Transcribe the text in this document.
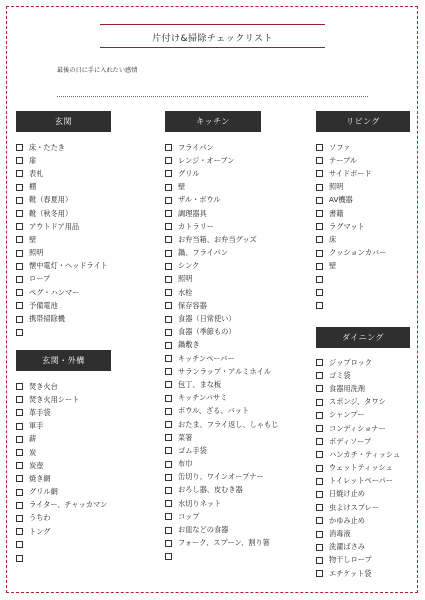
片付け&掃除チェックリスト
最後の日に手に入れたい感情
玄関
床・たたき
扉
表札
棚
靴（春夏用）
靴（秋冬用）
アウトドア用品
壁
照明
懐中電灯・ヘッドライト
ロープ
ペグ・ハンマー
予備電池
携帯掃除機
玄関・外構
焚き火台
焚き火用シート
革手袋
軍手
薪
炭
炭壺
焼き網
グリル網
ライター、チャッカマン
うちわ
トング
キッチン
フライパン
レンジ・オーブン
グリル
壁
ザル・ボウル
調理器具
カトラリー
お弁当箱、お弁当グッズ
鍋、フライパン
シンク
照明
水栓
保存容器
食器（日常使い）
食器（季節もの）
鍋敷き
キッチンペーパー
サランラップ・アルミホイル
包丁、まな板
キッチンバサミ
ボウル、ざる、バット
おたま、フライ返し、しゃもじ
菜箸
ゴム手袋
布巾
缶切り、ワインオープナー
おろし器、皮むき器
水切りネット
コップ
お皿などの食器
フォーク、スプーン、割り箸
リビング
ソファ
テーブル
サイドボード
照明
AV機器
書籍
ラグマット
床
クッションカバー
壁
ダイニング
ジップロック
ゴミ袋
食器用洗剤
スポンジ、タワシ
シャンプー
コンディショナー
ボディソープ
ハンカチ・ティッシュ
ウェットティッシュ
トイレットペーパー
日焼け止め
虫よけスプレー
かゆみ止め
消毒液
洗濯ばさみ
物干しロープ
エチケット袋
